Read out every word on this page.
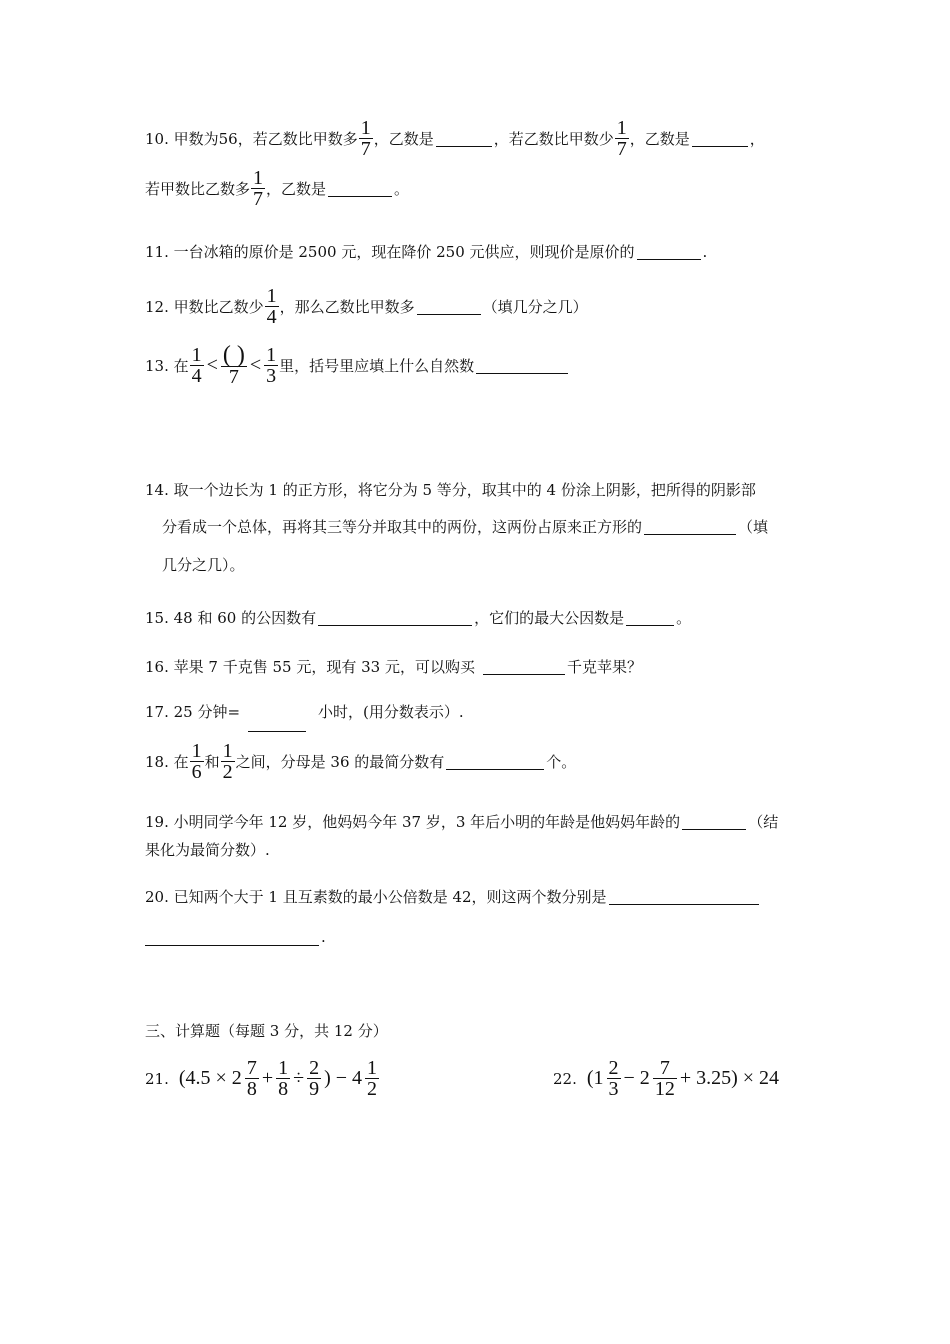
10. 甲数为56，若乙数比甲数多 $\frac{1}{7}$ ，乙数是	，若乙数比甲数少 $\frac{1}{7}$ ，乙数是	，
若甲数比乙数多 $\frac{1}{7}$ ，乙数是	。
11. 一台冰箱的原价是 2500 元，现在降价 250 元供应，则现价是原价的	.
12. 甲数比乙数少 $\frac{1}{4}$ ，那么乙数比甲数多	（填几分之几）
13. 在 $\frac{1}{4} < \frac{( )}{7} < \frac{1}{3}$ 里，括号里应填上什么自然数
14. 取一个边长为 1 的正方形，将它分为 5 等分，取其中的 4 份涂上阴影，把所得的阴影部
分看成一个总体，再将其三等分并取其中的两份，这两份占原来正方形的	（填
几分之几）。
15. 48 和 60 的公因数有	，它们的最大公因数是	。
16. 苹果 7 千克售 55 元，现有 33 元，可以购买	千克苹果？
17. 25 分钟=	小时，(用分数表示）.
18. 在 $\frac{1}{6}$ 和 $\frac{1}{2}$ 之间，分母是 36 的最简分数有	个。
19. 小明同学今年 12 岁，他妈妈今年 37 岁，3 年后小明的年龄是他妈妈年龄的	（结
果化为最简分数）.
20. 已知两个大于 1 且互素数的最小公倍数是 42，则这两个数分别是
.
三、计算题（每题 3 分，共 12 分）
21. ($4.5 \times 2 \frac{7}{8} + \frac{1}{8} \div \frac{2}{9}$ ) − $4 \frac{1}{2}$	22. $(1 \frac{2}{3} - 2 \frac{7}{12} + 3.25) \times 24$
